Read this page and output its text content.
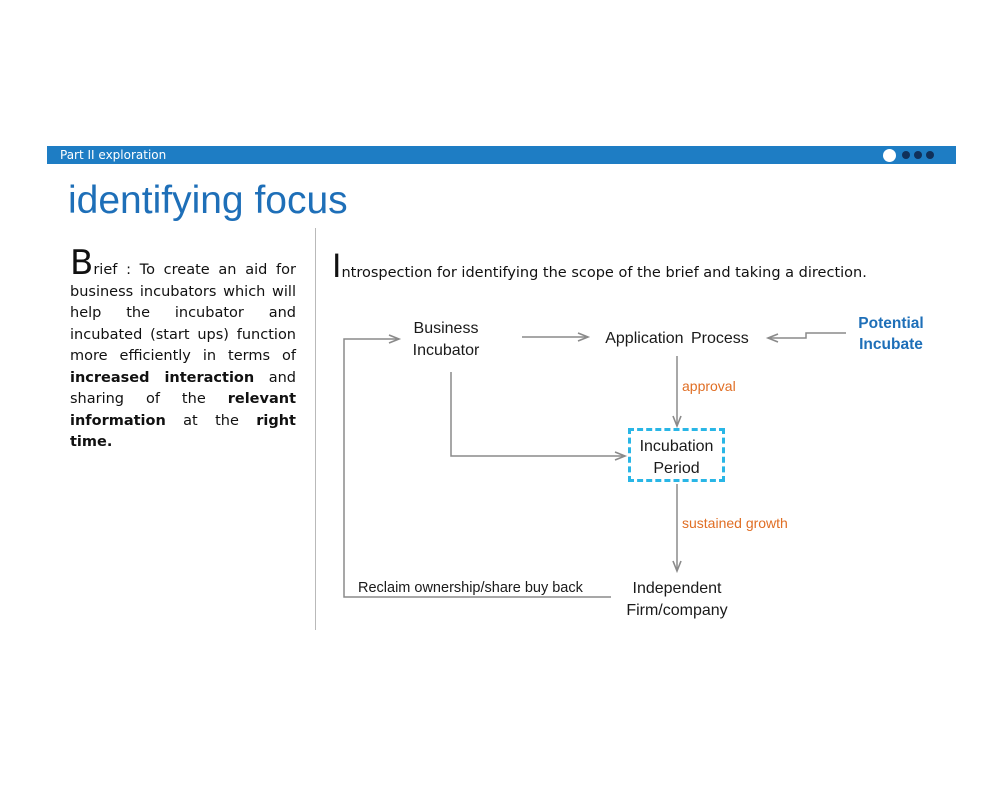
Part II exploration
identifying focus
Brief : To create an aid for business incubators which will help the incubator and incubated (start ups) function more efficiently in terms of increased interaction and sharing of the relevant information at the right time.
Introspection for identifying the scope of the brief and taking a direction.
Business
Incubator
Application Process
Potential
Incubate
Incubation
Period
Independent
Firm/company
approval
sustained growth
Reclaim ownership/share buy back
